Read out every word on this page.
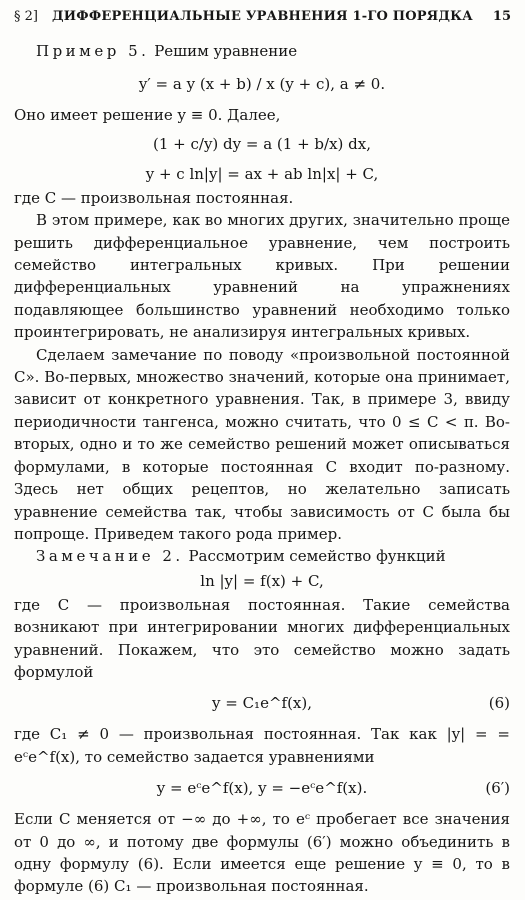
§ 2]	ДИФФЕРЕНЦИАЛЬНЫЕ УРАВНЕНИЯ 1-ГО ПОРЯДКА	15

Пример 5. Решим уравнение

y′ = a y (x + b) / x (y + c), a ≠ 0.

Оно имеет решение y ≡ 0. Далее,

(1 + c/y) dy = a (1 + b/x) dx,
y + c ln|y| = ax + ab ln|x| + C,

где C — произвольная постоянная.

В этом примере, как во многих других, значительно проще решить дифференциальное уравнение, чем построить семейство интегральных кривых. При решении дифференциальных уравнений на упражнениях подавляющее большинство уравнений необходимо только проинтегрировать, не анализируя интегральных кривых.

Сделаем замечание по поводу «произвольной постоянной C». Во-первых, множество значений, которые она принимает, зависит от конкретного уравнения. Так, в примере 3, ввиду периодичности тангенса, можно считать, что 0 ≤ C < π. Во-вторых, одно и то же семейство решений может описываться формулами, в которые постоянная C входит по-разному. Здесь нет общих рецептов, но желательно записать уравнение семейства так, чтобы зависимость от C была бы попроще. Приведем такого рода пример.

Замечание 2. Рассмотрим семейство функций

ln |y| = f(x) + C,

где C — произвольная постоянная. Такие семейства возникают при интегрировании многих дифференциальных уравнений. Покажем, что это семейство можно задать формулой

y = C₁e^f(x),	(6)

где C₁ ≠ 0 — произвольная постоянная. Так как |y| = = eᶜe^f(x), то семейство задается уравнениями

y = eᶜe^f(x), y = −eᶜe^f(x).	(6′)

Если C меняется от −∞ до +∞, то eᶜ пробегает все значения от 0 до ∞, и потому две формулы (6′) можно объединить в одну формулу (6). Если имеется еще решение y ≡ 0, то в формуле (6) C₁ — произвольная постоянная.
